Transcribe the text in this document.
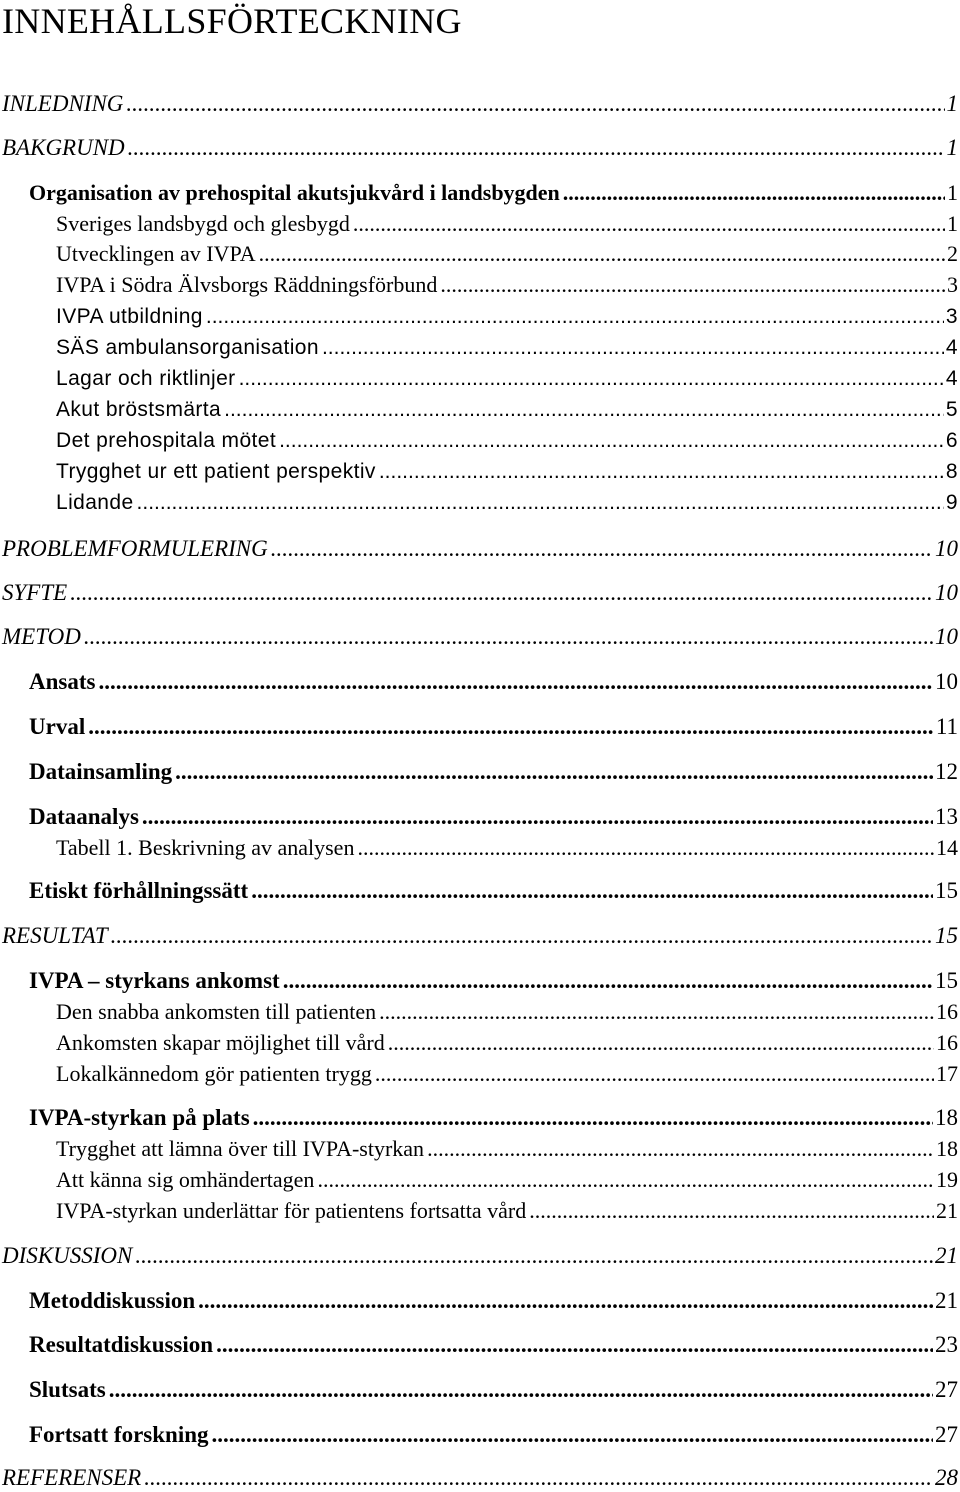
INNEHÅLLSFÖRTECKNING
INLEDNING .....	1
BAKGRUND .....	1
Organisation av prehospital akutsjukvård i landsbygden .....	1
Sveriges landsbygd och glesbygd .....	1
Utvecklingen av IVPA .....	2
IVPA i Södra Älvsborgs Räddningsförbund .....	3
IVPA utbildning .....	3
SÄS ambulansorganisation .....	4
Lagar och riktlinjer .....	4
Akut bröstsmärta .....	5
Det prehospitala mötet .....	6
Trygghet ur ett patient perspektiv .....	8
Lidande .....	9
PROBLEMFORMULERING .....	10
SYFTE .....	10
METOD .....	10
Ansats .....	10
Urval .....	11
Datainsamling .....	12
Dataanalys .....	13
Tabell 1. Beskrivning av analysen .....	14
Etiskt förhållningssätt .....	15
RESULTAT .....	15
IVPA – styrkans ankomst .....	15
Den snabba ankomsten till patienten .....	16
Ankomsten skapar möjlighet till vård .....	16
Lokalkännedom gör patienten trygg .....	17
IVPA-styrkan på plats .....	18
Trygghet att lämna över till IVPA-styrkan .....	18
Att känna sig omhändertagen .....	19
IVPA-styrkan underlättar för patientens fortsatta vård .....	21
DISKUSSION .....	21
Metoddiskussion .....	21
Resultatdiskussion .....	23
Slutsats .....	27
Fortsatt forskning .....	27
REFERENSER .....	28
